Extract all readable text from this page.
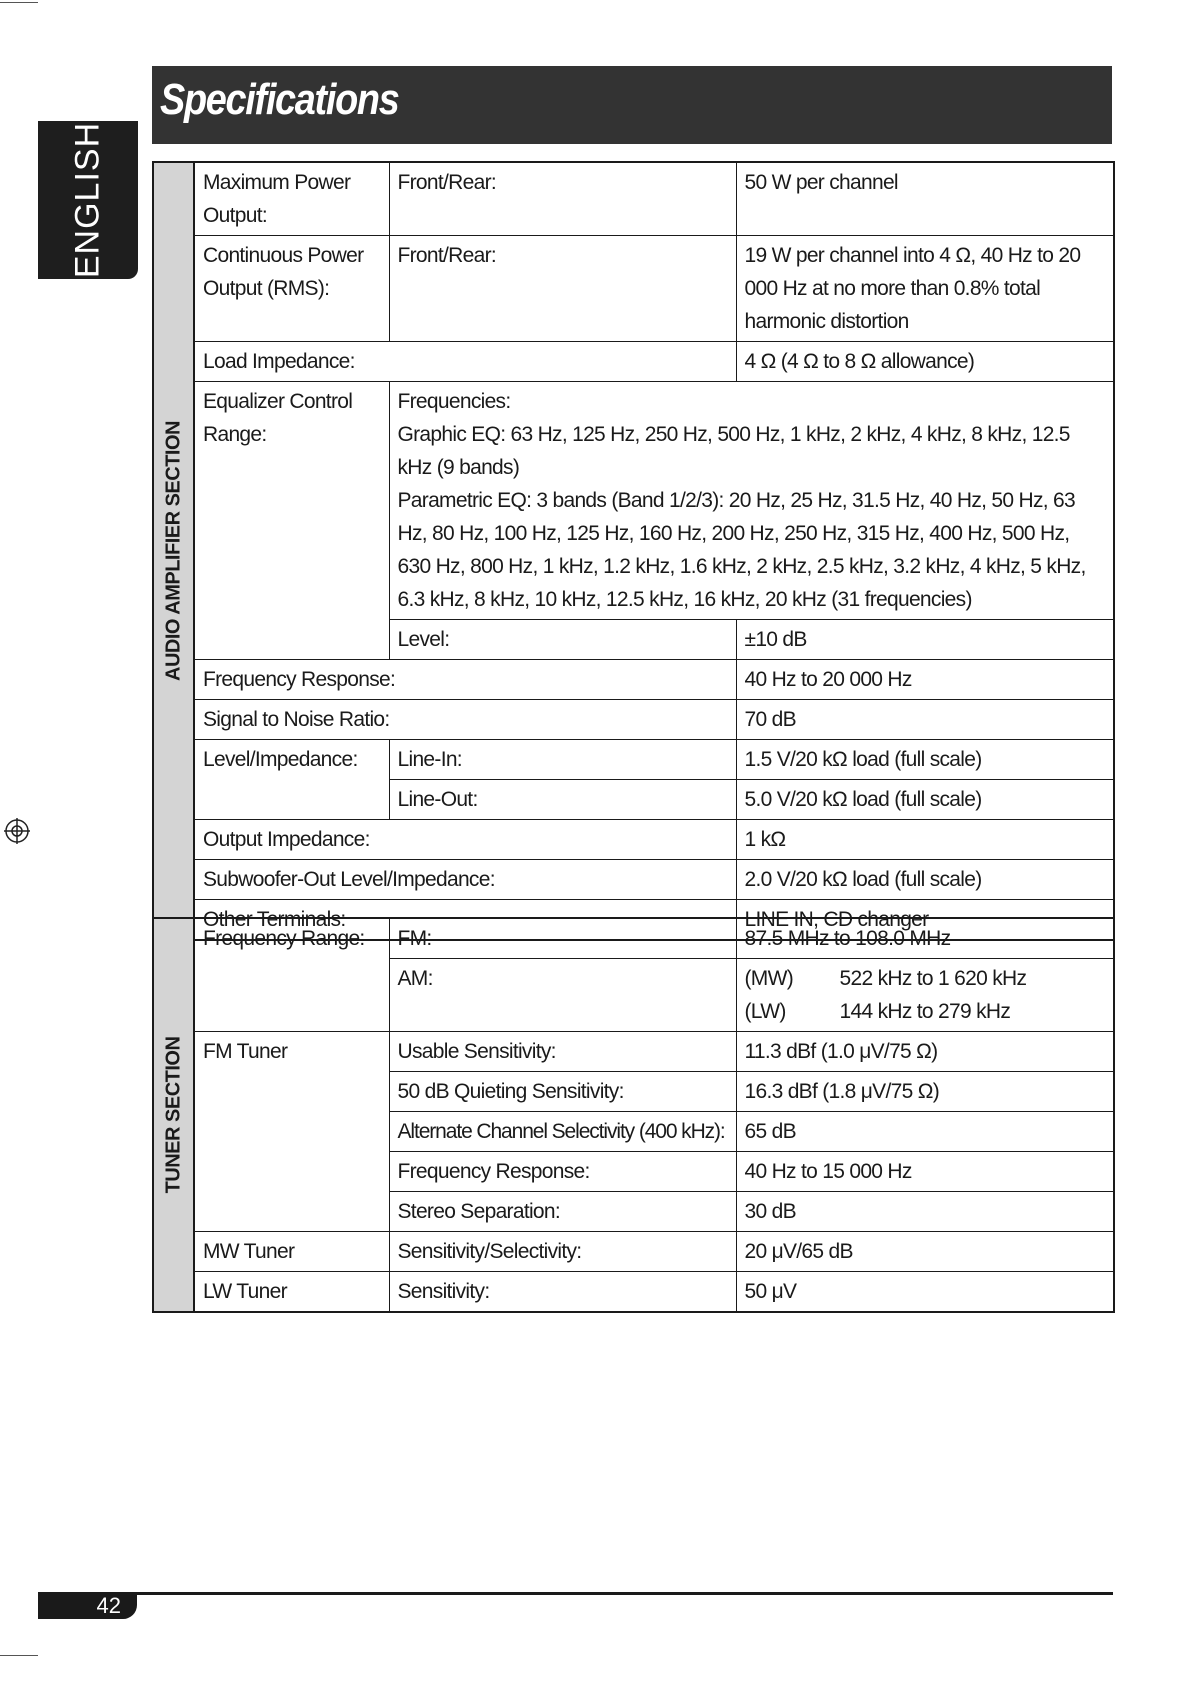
ENGLISH
Specifications
AUDIO AMPLIFIER SECTION	Maximum Power Output:	Front/Rear:	50 W per channel
	Continuous Power Output (RMS):	Front/Rear:	19 W per channel into 4 Ω, 40 Hz to 20 000 Hz at no more than 0.8% total harmonic distortion
	Load Impedance:		4 Ω (4 Ω to 8 Ω allowance)
	Equalizer Control Range:	Frequencies:
Graphic EQ: 63 Hz, 125 Hz, 250 Hz, 500 Hz, 1 kHz, 2 kHz, 4 kHz, 8 kHz, 12.5 kHz (9 bands)
Parametric EQ: 3 bands (Band 1/2/3): 20 Hz, 25 Hz, 31.5 Hz, 40 Hz, 50 Hz, 63 Hz, 80 Hz, 100 Hz, 125 Hz, 160 Hz, 200 Hz, 250 Hz, 315 Hz, 400 Hz, 500 Hz, 630 Hz, 800 Hz, 1 kHz, 1.2 kHz, 1.6 kHz, 2 kHz, 2.5 kHz, 3.2 kHz, 4 kHz, 5 kHz, 6.3 kHz, 8 kHz, 10 kHz, 12.5 kHz, 16 kHz, 20 kHz (31 frequencies)	

		Level:	±10 dB
	Frequency Response:		40 Hz to 20 000 Hz
	Signal to Noise Ratio:		70 dB
	Level/Impedance:	Line-In:	1.5 V/20 kΩ load (full scale)
		Line-Out:	5.0 V/20 kΩ load (full scale)
	Output Impedance:		1 kΩ
	Subwoofer-Out Level/Impedance:		2.0 V/20 kΩ load (full scale)
	Other Terminals:		LINE IN, CD changer
TUNER SECTION	Frequency Range:	FM:	87.5 MHz to 108.0 MHz
		AM:	(MW) 522 kHz to 1 620 kHz
(LW) 144 kHz to 279 kHz

	FM Tuner	Usable Sensitivity:	11.3 dBf (1.0 μV/75 Ω)
		50 dB Quieting Sensitivity:	16.3 dBf (1.8 μV/75 Ω)
		Alternate Channel Selectivity (400 kHz):	65 dB
		Frequency Response:	40 Hz to 15 000 Hz
		Stereo Separation:	30 dB
	MW Tuner	Sensitivity/Selectivity:	20 μV/65 dB
	LW Tuner	Sensitivity:	50 μV
42
